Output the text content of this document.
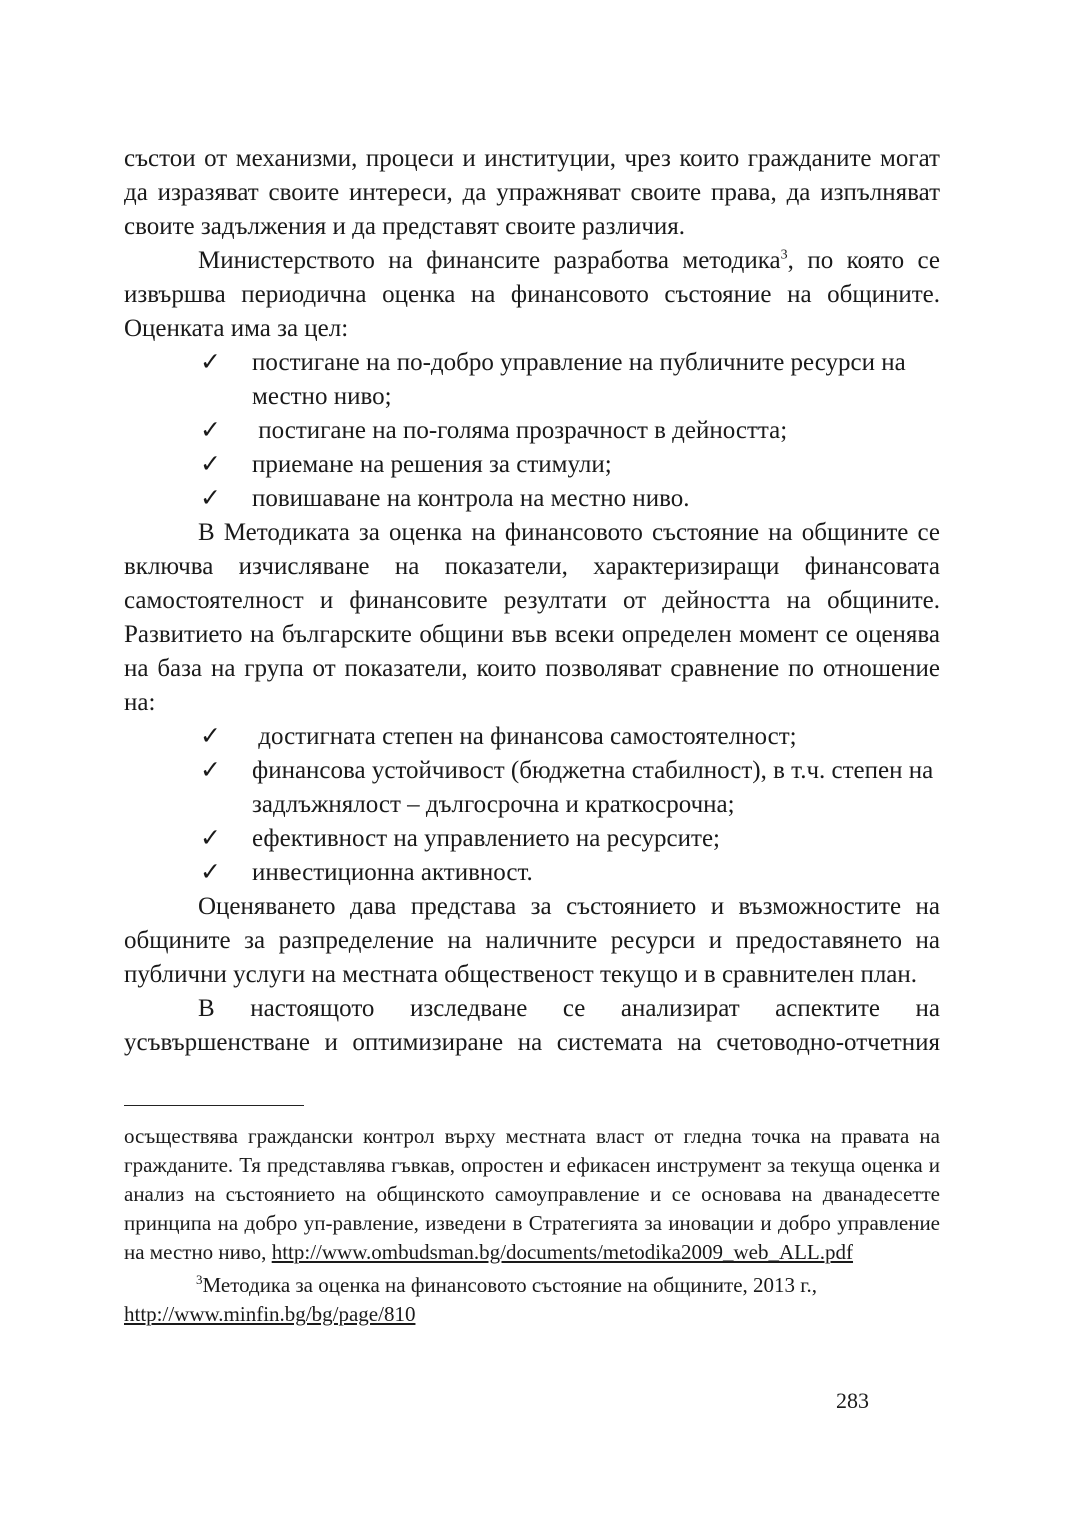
състои от механизми, процеси и институции, чрез които гражданите могат да изразяват своите интереси, да упражняват своите права, да изпълняват своите задължения и да представят своите различия.

Министерството на финансите разработва методика$^3$, по която се извършва периодична оценка на финансовото състояние на общините. Оценката има за цел:

✓ постигане на по-добро управление на публичните ресурси на местно ниво;
✓ постигане на по-голяма прозрачност в дейността;
✓ приемане на решения за стимули;
✓ повишаване на контрола на местно ниво.

В Методиката за оценка на финансовото състояние на общините се включва изчисляване на показатели, характеризиращи финансовата самостоятелност и финансовите резултати от дейността на общините. Развитието на българските общини във всеки определен момент се оценява на база на група от показатели, които позволяват сравнение по отношение на:

✓ достигната степен на финансова самостоятелност;
✓ финансова устойчивост (бюджетна стабилност), в т.ч. степен на задлъжнялост – дългосрочна и краткосрочна;
✓ ефективност на управлението на ресурсите;
✓ инвестиционна активност.

Оценяването дава представа за състоянието и възможностите на общините за разпределение на наличните ресурси и предоставянето на публични услуги на местната общественост текущо и в сравнителен план.

В настоящото изследване се анализират аспектите на усъвършенстване и оптимизиране на системата на счетоводно-отчетния

осъществява граждански контрол върху местната власт от гледна точка на правата на гражданите. Тя представлява гъвкав, опростен и ефикасен инструмент за текуща оценка и анализ на състоянието на общинското самоуправление и се основава на дванадесетте принципа на добро уп-равление, изведени в Стратегията за иновации и добро управление на местно ниво, http://www.ombudsman.bg/documents/metodika2009_web_ALL.pdf

$^3$Методика за оценка на финансовото състояние на общините, 2013 г.,

http://www.minfin.bg/bg/page/810

283
